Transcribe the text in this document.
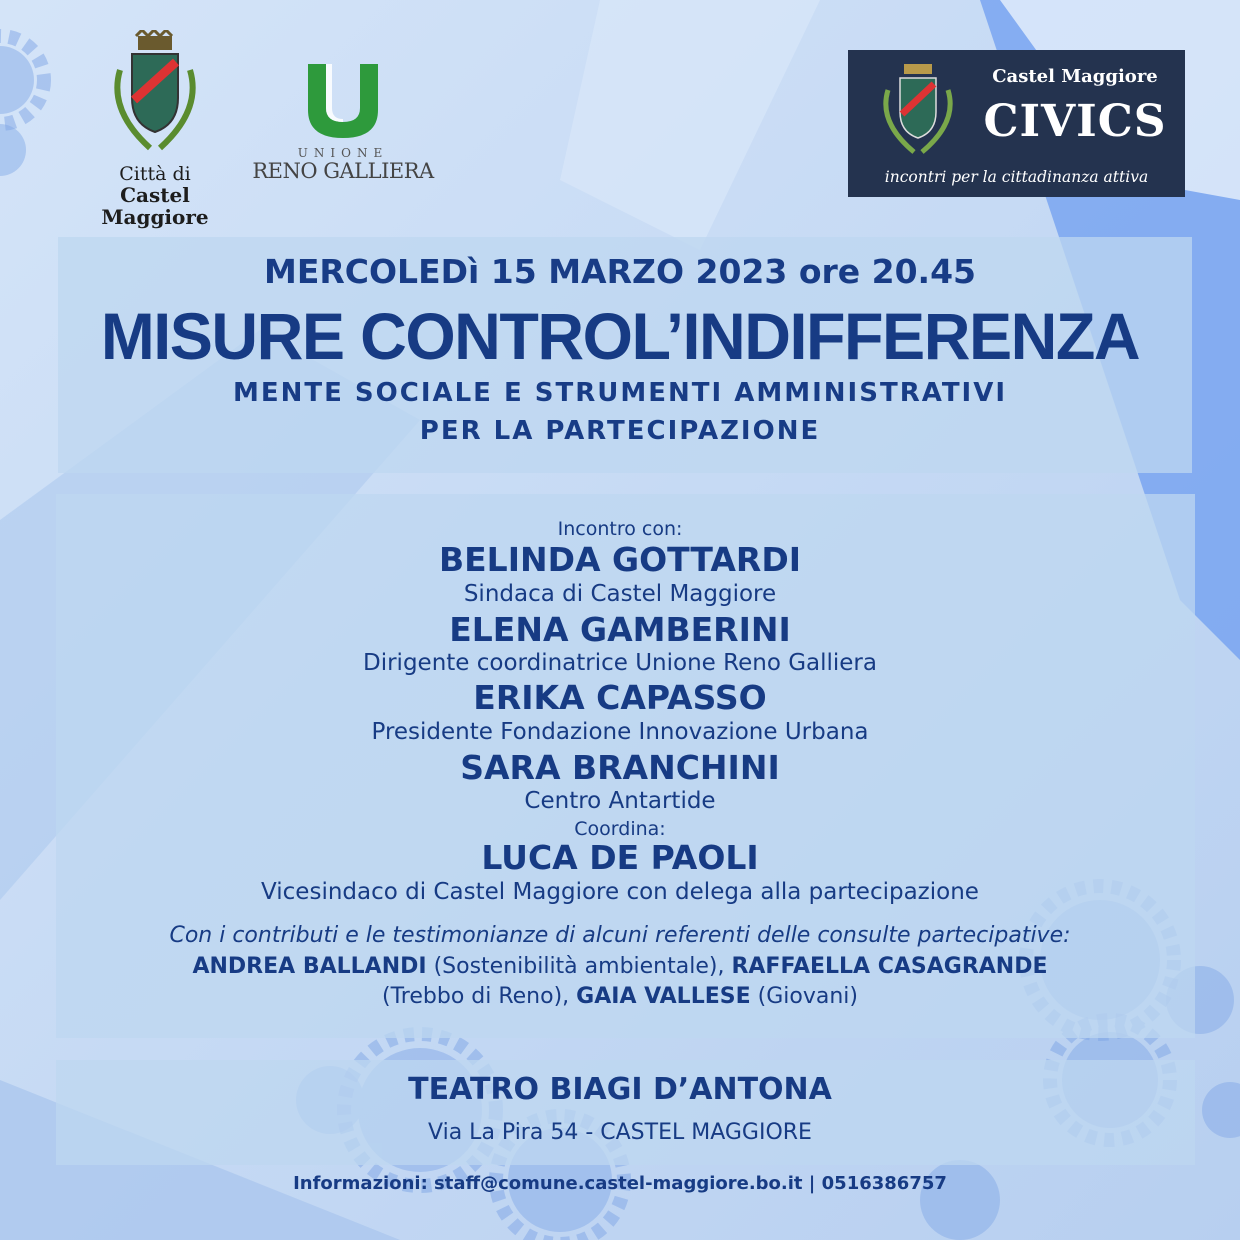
Città di
Castel Maggiore
UNIONE
RENO GALLIERA
Castel Maggiore
CIVICS
incontri per la cittadinanza attiva
MERCOLEDì 15 MARZO 2023 ore 20.45
MISURE CONTROL’INDIFFERENZA
MENTE SOCIALE E STRUMENTI AMMINISTRATIVI
PER LA PARTECIPAZIONE
Incontro con:
BELINDA GOTTARDI
Sindaca di Castel Maggiore
ELENA GAMBERINI
Dirigente coordinatrice Unione Reno Galliera
ERIKA CAPASSO
Presidente Fondazione Innovazione Urbana
SARA BRANCHINI
Centro Antartide
Coordina:
LUCA DE PAOLI
Vicesindaco di Castel Maggiore con delega alla partecipazione
Con i contributi e le testimonianze di alcuni referenti delle consulte partecipative:
ANDREA BALLANDI (Sostenibilità ambientale), RAFFAELLA CASAGRANDE
(Trebbo di Reno), GAIA VALLESE (Giovani)
TEATRO BIAGI D’ANTONA
Via La Pira 54 - CASTEL MAGGIORE
Informazioni: staff@comune.castel-maggiore.bo.it | 0516386757
